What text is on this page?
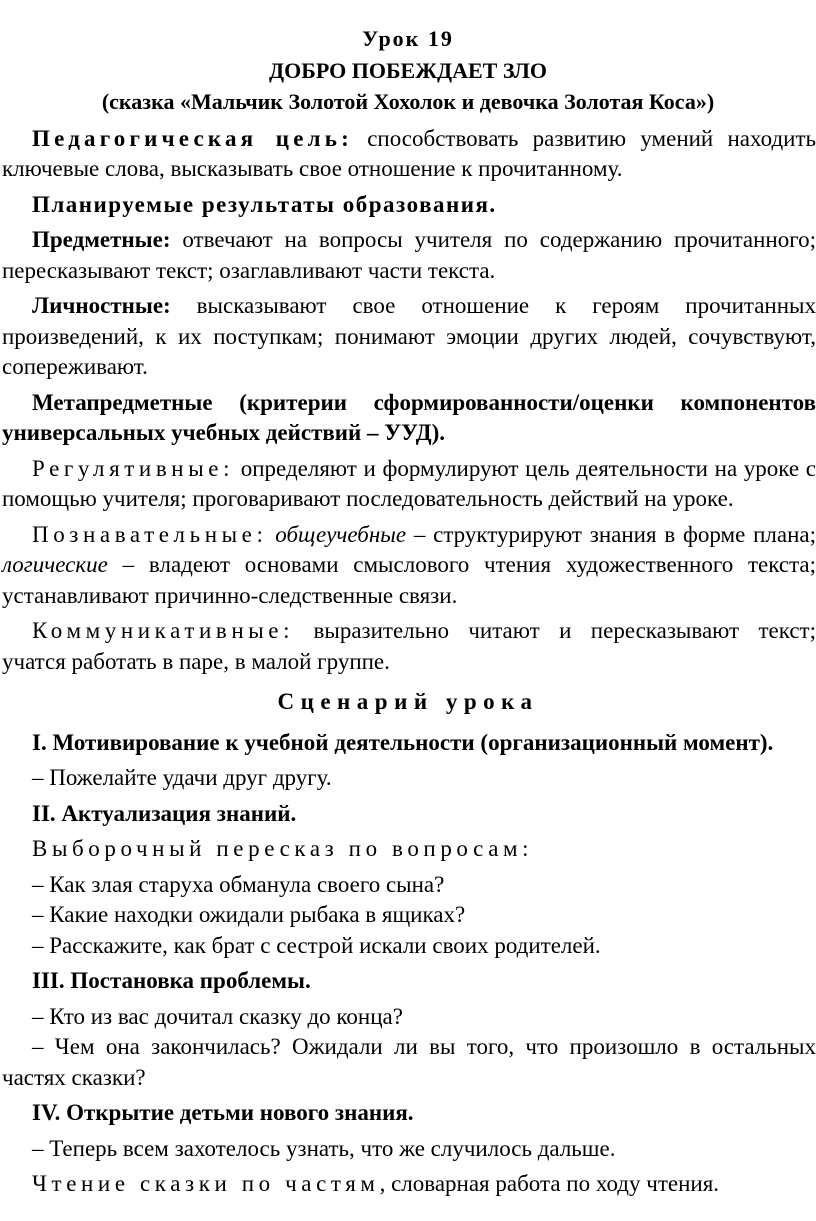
Урок 19
ДОБРО ПОБЕЖДАЕТ ЗЛО
(сказка «Мальчик Золотой Хохолок и девочка Золотая Коса»)

Педагогическая цель: способствовать развитию умений находить ключевые слова, высказывать свое отношение к прочитанному.

Планируемые результаты образования.

Предметные: отвечают на вопросы учителя по содержанию прочитанного; пересказывают текст; озаглавливают части текста.

Личностные: высказывают свое отношение к героям прочитанных произведений, к их поступкам; понимают эмоции других людей, сочувствуют, сопереживают.

Метапредметные (критерии сформированности/оценки компонентов универсальных учебных действий – УУД).

Регулятивные: определяют и формулируют цель деятельности на уроке с помощью учителя; проговаривают последовательность действий на уроке.

Познавательные: общеучебные – структурируют знания в форме плана; логические – владеют основами смыслового чтения художественного текста; устанавливают причинно-следственные связи.

Коммуникативные: выразительно читают и пересказывают текст; учатся работать в паре, в малой группе.

Сценарий урока

I. Мотивирование к учебной деятельности (организационный момент).

– Пожелайте удачи друг другу.

II. Актуализация знаний.

Выборочный пересказ по вопросам:

– Как злая старуха обманула своего сына?

– Какие находки ожидали рыбака в ящиках?

– Расскажите, как брат с сестрой искали своих родителей.

III. Постановка проблемы.

– Кто из вас дочитал сказку до конца?

– Чем она закончилась? Ожидали ли вы того, что произошло в остальных частях сказки?

IV. Открытие детьми нового знания.

– Теперь всем захотелось узнать, что же случилось дальше.

Чтение сказки по частям, словарная работа по ходу чтения.
